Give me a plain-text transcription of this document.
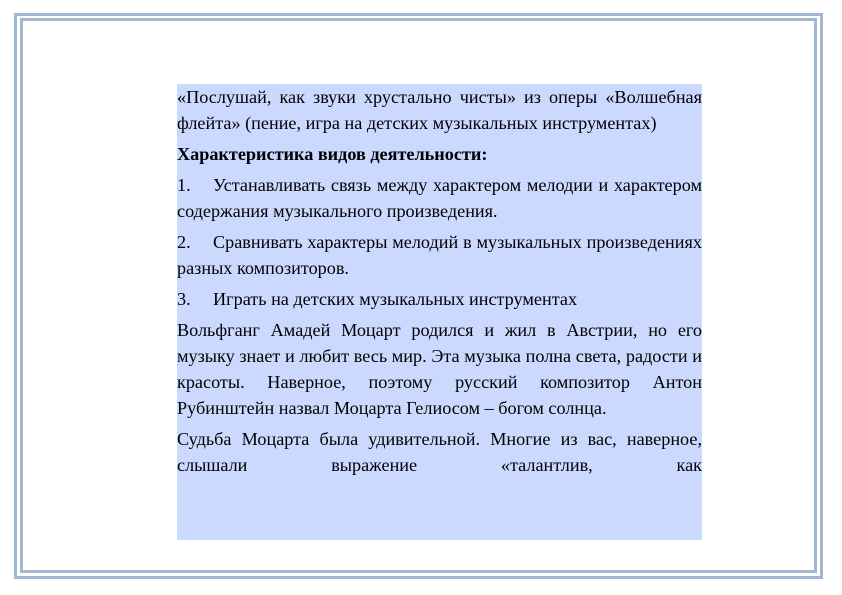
«Послушай, как звуки хрустально чисты» из оперы «Волшебная флейта» (пение, игра на детских музыкальных инструментах)

Характеристика видов деятельности:

1. Устанавливать связь между характером мелодии и характером содержания музыкального произведения.

2. Сравнивать характеры мелодий в музыкальных произведениях разных композиторов.

3. Играть на детских музыкальных инструментах

Вольфганг Амадей Моцарт родился и жил в Австрии, но его музыку знает и любит весь мир. Эта музыка полна света, радости и красоты. Наверное, поэтому русский композитор Антон Рубинштейн назвал Моцарта Гелиосом – богом солнца.

Судьба Моцарта была удивительной. Многие из вас, наверное, слышали выражение «талантлив, как
